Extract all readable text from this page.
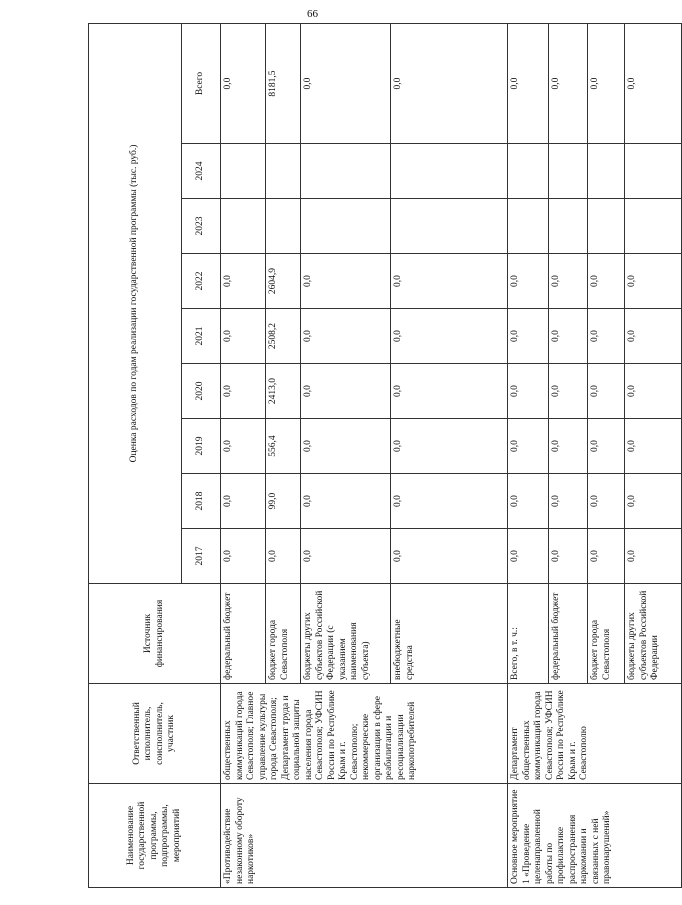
66
Наименование государственной программы, подпрограммы, мероприятий	Ответственный исполнитель, соисполнитель, участник	Источник финансирования	Оценка расходов по годам реализации государственной программы (тыс. руб.)								
			2017	2018	2019	2020	2021	2022	2023	2024	Всего
«Противодействие незаконному обороту наркотиков»	общественных коммуникаций города Севастополя; Главное управление культуры города Севастополя; Департамент труда и социальной защиты населения города Севастополя; УФСИН России по Республике Крым и г. Севастополю; некоммерческие организации в сфере реабилитации и ресоциализации наркопотребителей	федеральный бюджет	0,0	0,0	0,0	0,0	0,0	0,0			0,0
		бюджет города Севастополя	0,0	99,0	556,4	2413,0	2508,2	2604,9			8181,5
		бюджеты других субъектов Российской Федерации (с указанием наименования субъекта)	0,0	0,0	0,0	0,0	0,0	0,0			0,0
		внебюджетные средства	0,0	0,0	0,0	0,0	0,0	0,0			0,0
Основное мероприятие 1 «Проведение целенаправленной работы по профилактике распространения наркомании и связанных с ней правонарушений»	Департамент общественных коммуникаций города Севастополя; УФСИН России по Республике Крым и г. Севастополю	Всего, в т. ч.:	0,0	0,0	0,0	0,0	0,0	0,0			0,0
		федеральный бюджет	0,0	0,0	0,0	0,0	0,0	0,0			0,0
		бюджет города Севастополя	0,0	0,0	0,0	0,0	0,0	0,0			0,0
		бюджеты других субъектов Российской Федерации	0,0	0,0	0,0	0,0	0,0	0,0			0,0
